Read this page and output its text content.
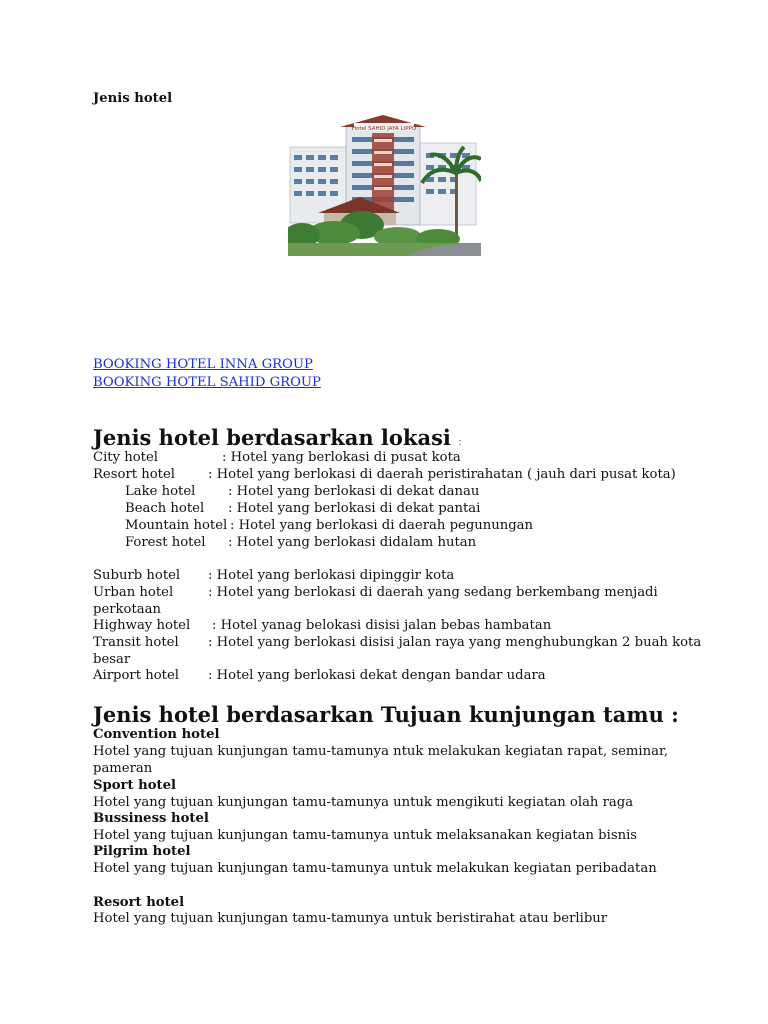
Jenis hotel
Hotel SAHID JAYA LIPPO
BOOKING HOTEL INNA GROUP
BOOKING HOTEL SAHID GROUP
Jenis hotel berdasarkan lokasi :
City hotel	: Hotel yang berlokasi di pusat kota
Resort hotel	: Hotel yang berlokasi di daerah peristirahatan ( jauh dari pusat kota)
Lake hotel : Hotel yang berlokasi di dekat danau
Beach hotel : Hotel yang berlokasi di dekat pantai
Mountain hotel : Hotel yang berlokasi di daerah pegunungan
Forest hotel : Hotel yang berlokasi didalam hutan
Suburb hotel : Hotel yang berlokasi dipinggir kota
Urban hotel	: Hotel yang berlokasi di daerah yang sedang berkembang menjadi
perkotaan
Highway hotel : Hotel yanag belokasi disisi jalan bebas hambatan
Transit hotel : Hotel yang berlokasi disisi jalan raya yang menghubungkan 2 buah kota
besar
Airport hotel : Hotel yang berlokasi dekat dengan bandar udara
Jenis hotel berdasarkan Tujuan kunjungan tamu :
Convention hotel
Hotel yang tujuan kunjungan tamu-tamunya ntuk melakukan kegiatan rapat, seminar,
pameran
Sport hotel
Hotel yang tujuan kunjungan tamu-tamunya untuk mengikuti kegiatan olah raga
Bussiness hotel
Hotel yang tujuan kunjungan tamu-tamunya untuk melaksanakan kegiatan bisnis
Pilgrim hotel
Hotel yang tujuan kunjungan tamu-tamunya untuk melakukan kegiatan peribadatan
Resort hotel
Hotel yang tujuan kunjungan tamu-tamunya untuk beristirahat atau berlibur
